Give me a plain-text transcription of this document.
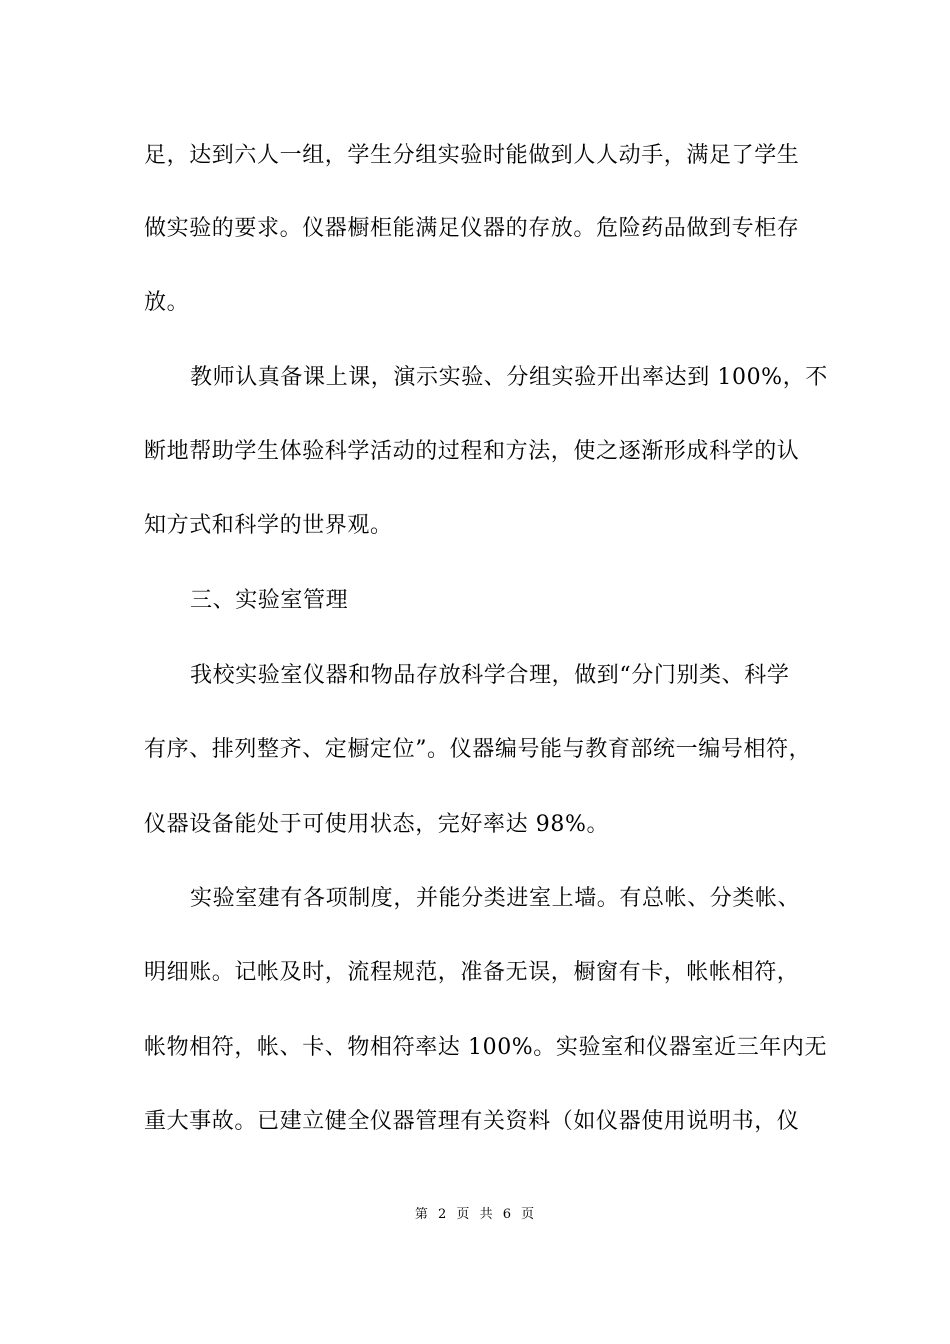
足，达到六人一组，学生分组实验时能做到人人动手，满足了学生
做实验的要求。仪器橱柜能满足仪器的存放。危险药品做到专柜存
放。
教师认真备课上课，演示实验、分组实验开出率达到 100%，不
断地帮助学生体验科学活动的过程和方法，使之逐渐形成科学的认
知方式和科学的世界观。
三、实验室管理
我校实验室仪器和物品存放科学合理，做到“分门别类、科学
有序、排列整齐、定橱定位”。仪器编号能与教育部统一编号相符，
仪器设备能处于可使用状态，完好率达 98%。
实验室建有各项制度，并能分类进室上墙。有总帐、分类帐、
明细账。记帐及时，流程规范，准备无误，橱窗有卡，帐帐相符，
帐物相符，帐、卡、物相符率达 100%。实验室和仪器室近三年内无
重大事故。已建立健全仪器管理有关资料（如仪器使用说明书，仪
第 2 页 共 6 页
